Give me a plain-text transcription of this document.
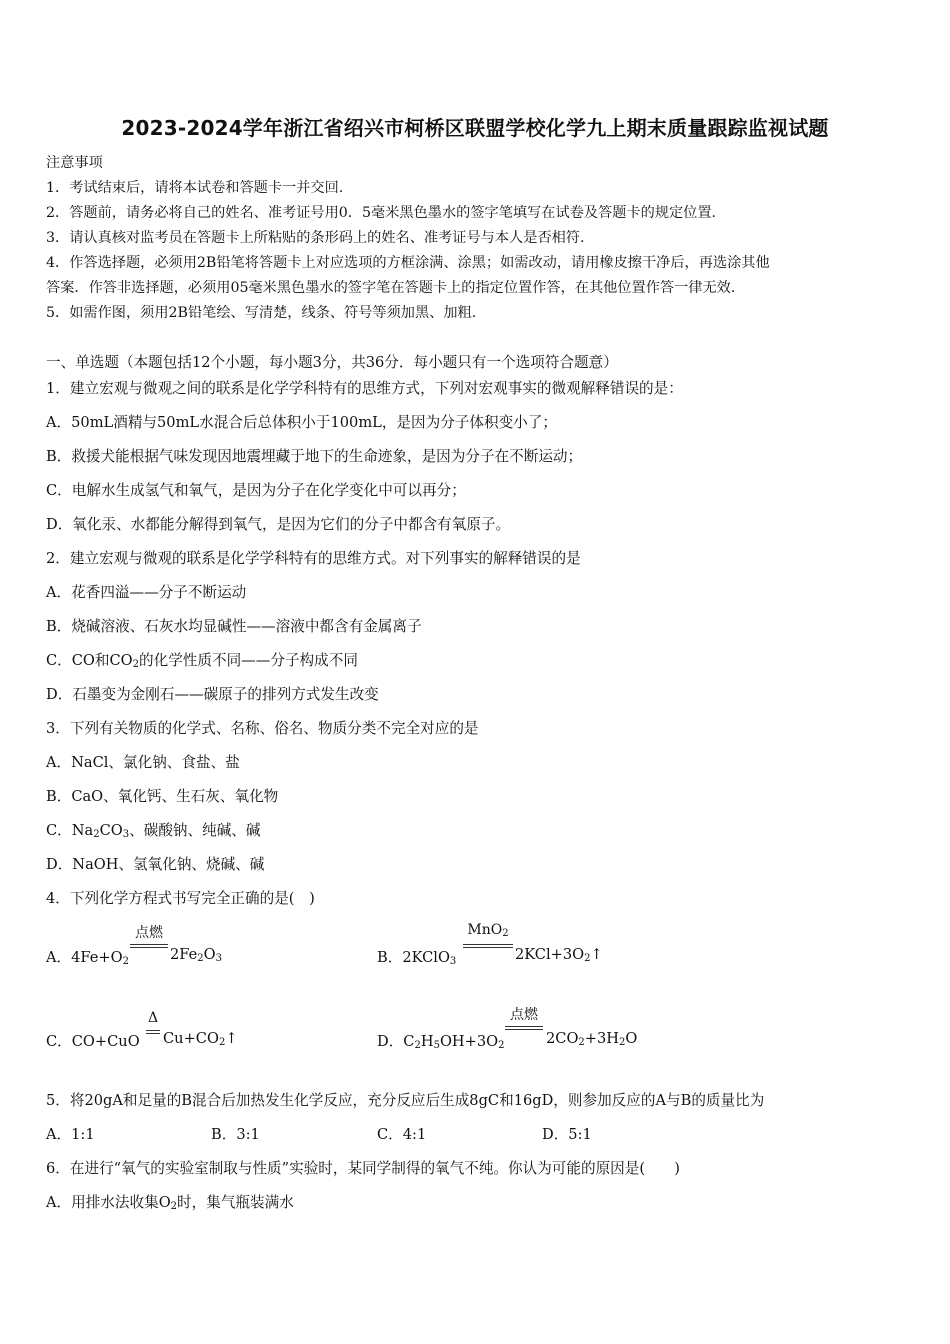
2023-2024学年浙江省绍兴市柯桥区联盟学校化学九上期末质量跟踪监视试题
注意事项
1．考试结束后，请将本试卷和答题卡一并交回.
2．答题前，请务必将自己的姓名、准考证号用0．5毫米黑色墨水的签字笔填写在试卷及答题卡的规定位置.
3．请认真核对监考员在答题卡上所粘贴的条形码上的姓名、准考证号与本人是否相符.
4．作答选择题，必须用2B铅笔将答题卡上对应选项的方框涂满、涂黑；如需改动，请用橡皮擦干净后，再选涂其他
答案．作答非选择题，必须用05毫米黑色墨水的签字笔在答题卡上的指定位置作答，在其他位置作答一律无效.
5．如需作图，须用2B铅笔绘、写清楚，线条、符号等须加黑、加粗.
一、单选题（本题包括12个小题，每小题3分，共36分．每小题只有一个选项符合题意）
1．建立宏观与微观之间的联系是化学学科特有的思维方式，下列对宏观事实的微观解释错误的是：
A．50mL酒精与50mL水混合后总体积小于100mL，是因为分子体积变小了；
B．救援犬能根据气味发现因地震埋藏于地下的生命迹象，是因为分子在不断运动；
C．电解水生成氢气和氧气，是因为分子在化学变化中可以再分；
D．氧化汞、水都能分解得到氧气，是因为它们的分子中都含有氧原子。
2．建立宏观与微观的联系是化学学科特有的思维方式。对下列事实的解释错误的是
A．花香四溢——分子不断运动
B．烧碱溶液、石灰水均显碱性——溶液中都含有金属离子
C．CO和$CO_2$的化学性质不同——分子构成不同
D．石墨变为金刚石——碳原子的排列方式发生改变
3．下列有关物质的化学式、名称、俗名、物质分类不完全对应的是
A．NaCl、氯化钠、食盐、盐
B．CaO、氧化钙、生石灰、氧化物
C．$Na_2CO_3$、碳酸钠、纯碱、碱
D．NaOH、氢氧化钠、烧碱、碱
4．下列化学方程式书写完全正确的是(　)
A．$4Fe+O_2$
点燃
$2Fe_2O_3$	B．2KClO$_3$
MnO$_2$
$2KCl+3O_2↑$
C．CO+CuO
Δ
$Cu+CO_2↑$	D．$C_2H_5OH+3O_2$
点燃
$2CO_2+3H_2O$
5．将20gA和足量的B混合后加热发生化学反应，充分反应后生成8gC和16gD，则参加反应的A与B的质量比为
A．1:1	B．3:1	C．4:1	D．5:1
6．在进行“氧气的实验室制取与性质”实验时，某同学制得的氧气不纯。你认为可能的原因是(　　)
A．用排水法收集$O_2$时，集气瓶装满水
